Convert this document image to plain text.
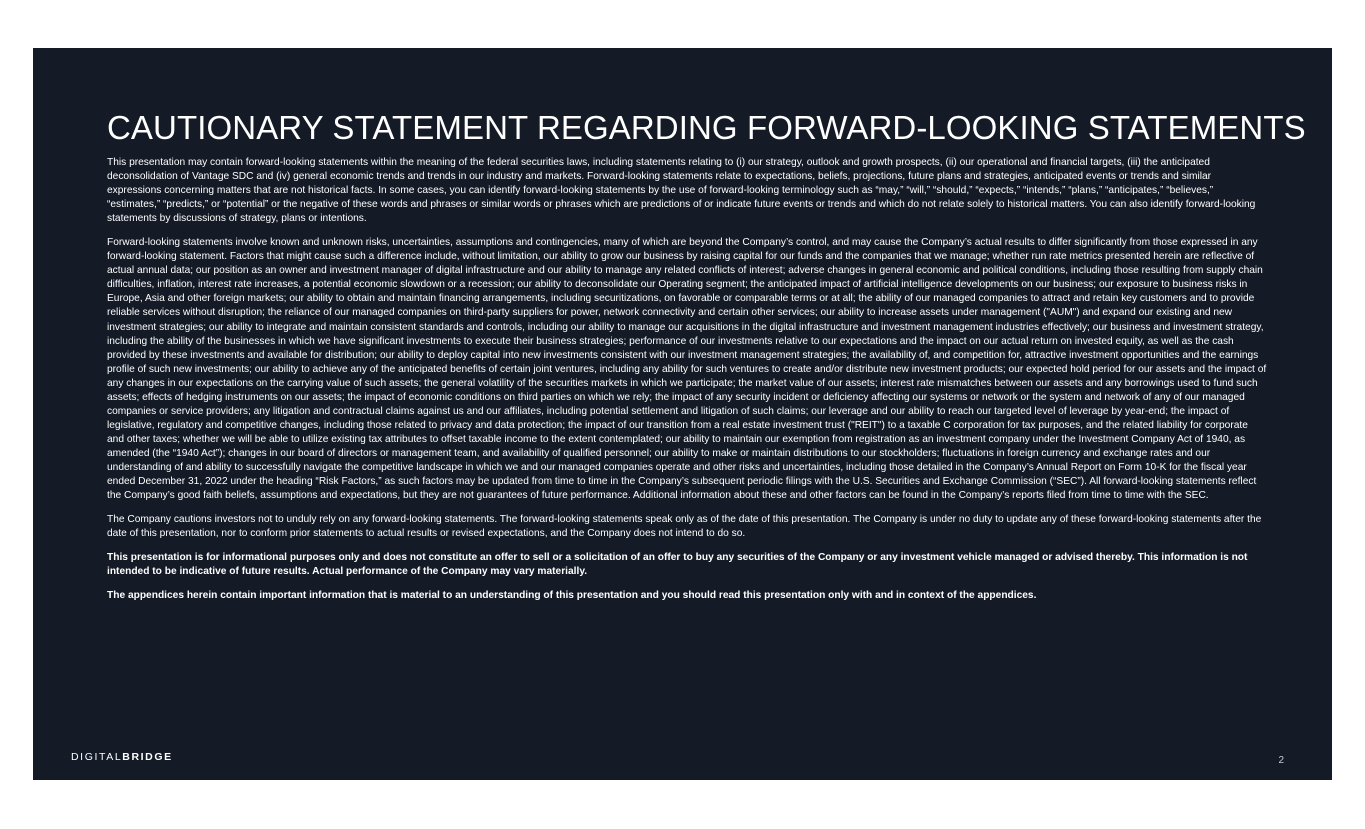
CAUTIONARY STATEMENT REGARDING FORWARD-LOOKING STATEMENTS

This presentation may contain forward-looking statements within the meaning of the federal securities laws, including statements relating to (i) our strategy, outlook and growth prospects, (ii) our operational and financial targets, (iii) the anticipated deconsolidation of Vantage SDC and (iv) general economic trends and trends in our industry and markets. Forward-looking statements relate to expectations, beliefs, projections, future plans and strategies, anticipated events or trends and similar expressions concerning matters that are not historical facts. In some cases, you can identify forward-looking statements by the use of forward-looking terminology such as “may,” “will,” “should,” “expects,” “intends,” “plans,” “anticipates,” “believes,” “estimates,” “predicts,” or “potential” or the negative of these words and phrases or similar words or phrases which are predictions of or indicate future events or trends and which do not relate solely to historical matters. You can also identify forward-looking statements by discussions of strategy, plans or intentions.

Forward-looking statements involve known and unknown risks, uncertainties, assumptions and contingencies, many of which are beyond the Company’s control, and may cause the Company’s actual results to differ significantly from those expressed in any forward-looking statement. Factors that might cause such a difference include, without limitation, our ability to grow our business by raising capital for our funds and the companies that we manage; whether run rate metrics presented herein are reflective of actual annual data; our position as an owner and investment manager of digital infrastructure and our ability to manage any related conflicts of interest; adverse changes in general economic and political conditions, including those resulting from supply chain difficulties, inflation, interest rate increases, a potential economic slowdown or a recession; our ability to deconsolidate our Operating segment; the anticipated impact of artificial intelligence developments on our business; our exposure to business risks in Europe, Asia and other foreign markets; our ability to obtain and maintain financing arrangements, including securitizations, on favorable or comparable terms or at all; the ability of our managed companies to attract and retain key customers and to provide reliable services without disruption; the reliance of our managed companies on third-party suppliers for power, network connectivity and certain other services; our ability to increase assets under management ("AUM") and expand our existing and new investment strategies; our ability to integrate and maintain consistent standards and controls, including our ability to manage our acquisitions in the digital infrastructure and investment management industries effectively; our business and investment strategy, including the ability of the businesses in which we have significant investments to execute their business strategies; performance of our investments relative to our expectations and the impact on our actual return on invested equity, as well as the cash provided by these investments and available for distribution; our ability to deploy capital into new investments consistent with our investment management strategies; the availability of, and competition for, attractive investment opportunities and the earnings profile of such new investments; our ability to achieve any of the anticipated benefits of certain joint ventures, including any ability for such ventures to create and/or distribute new investment products; our expected hold period for our assets and the impact of any changes in our expectations on the carrying value of such assets; the general volatility of the securities markets in which we participate; the market value of our assets; interest rate mismatches between our assets and any borrowings used to fund such assets; effects of hedging instruments on our assets; the impact of economic conditions on third parties on which we rely; the impact of any security incident or deficiency affecting our systems or network or the system and network of any of our managed companies or service providers; any litigation and contractual claims against us and our affiliates, including potential settlement and litigation of such claims; our leverage and our ability to reach our targeted level of leverage by year-end; the impact of legislative, regulatory and competitive changes, including those related to privacy and data protection; the impact of our transition from a real estate investment trust ("REIT") to a taxable C corporation for tax purposes, and the related liability for corporate and other taxes; whether we will be able to utilize existing tax attributes to offset taxable income to the extent contemplated; our ability to maintain our exemption from registration as an investment company under the Investment Company Act of 1940, as amended (the “1940 Act”); changes in our board of directors or management team, and availability of qualified personnel; our ability to make or maintain distributions to our stockholders; fluctuations in foreign currency and exchange rates and our understanding of and ability to successfully navigate the competitive landscape in which we and our managed companies operate and other risks and uncertainties, including those detailed in the Company’s Annual Report on Form 10-K for the fiscal year ended December 31, 2022 under the heading “Risk Factors,” as such factors may be updated from time to time in the Company’s subsequent periodic filings with the U.S. Securities and Exchange Commission (“SEC”). All forward-looking statements reflect the Company’s good faith beliefs, assumptions and expectations, but they are not guarantees of future performance. Additional information about these and other factors can be found in the Company’s reports filed from time to time with the SEC.

The Company cautions investors not to unduly rely on any forward-looking statements. The forward-looking statements speak only as of the date of this presentation. The Company is under no duty to update any of these forward-looking statements after the date of this presentation, nor to conform prior statements to actual results or revised expectations, and the Company does not intend to do so.

This presentation is for informational purposes only and does not constitute an offer to sell or a solicitation of an offer to buy any securities of the Company or any investment vehicle managed or advised thereby. This information is not intended to be indicative of future results. Actual performance of the Company may vary materially.

The appendices herein contain important information that is material to an understanding of this presentation and you should read this presentation only with and in context of the appendices.

DIGITALBRIDGE	2
